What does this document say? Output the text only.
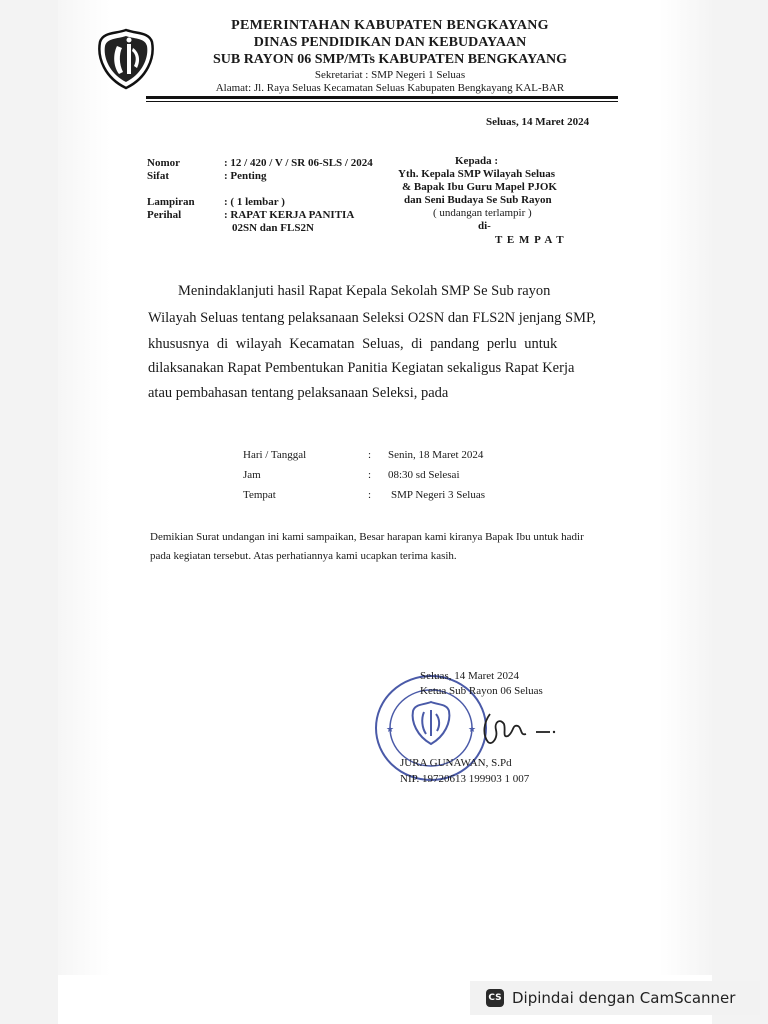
PEMERINTAHAN KABUPATEN BENGKAYANG
DINAS PENDIDIKAN DAN KEBUDAYAAN
SUB RAYON 06 SMP/MTs KABUPATEN BENGKAYANG
Sekretariat : SMP Negeri 1 Seluas
Alamat: Jl. Raya Seluas Kecamatan Seluas Kabupaten Bengkayang KAL-BAR
Seluas, 14 Maret 2024
Nomor	: 12 / 420 / V / SR 06-SLS / 2024
Sifat	: Penting
Lampiran	: ( 1 lembar )
Perihal	: RAPAT KERJA PANITIA
02SN dan FLS2N
Kepada :
Yth. Kepala SMP Wilayah Seluas
& Bapak Ibu Guru Mapel PJOK
dan Seni Budaya Se Sub Rayon
( undangan terlampir )
di-
T E M P A T
Menindaklanjuti hasil Rapat Kepala Sekolah SMP Se Sub rayon
Wilayah Seluas tentang pelaksanaan Seleksi O2SN dan FLS2N jenjang SMP,
khususnya di wilayah Kecamatan Seluas, di pandang perlu untuk
dilaksanakan Rapat Pembentukan Panitia Kegiatan sekaligus Rapat Kerja
atau pembahasan tentang pelaksanaan Seleksi, pada
Hari / Tanggal	: Senin, 18 Maret 2024
Jam	: 08:30 sd Selesai
Tempat	: SMP Negeri 3 Seluas
Demikian Surat undangan ini kami sampaikan, Besar harapan kami kiranya Bapak Ibu untuk hadir
pada kegiatan tersebut. Atas perhatiannya kami ucapkan terima kasih.
★	★
Seluas, 14 Maret 2024
Ketua Sub Rayon 06 Seluas
JURA GUNAWAN, S.Pd
NIP. 19720613 199903 1 007
CS Dipindai dengan CamScanner
